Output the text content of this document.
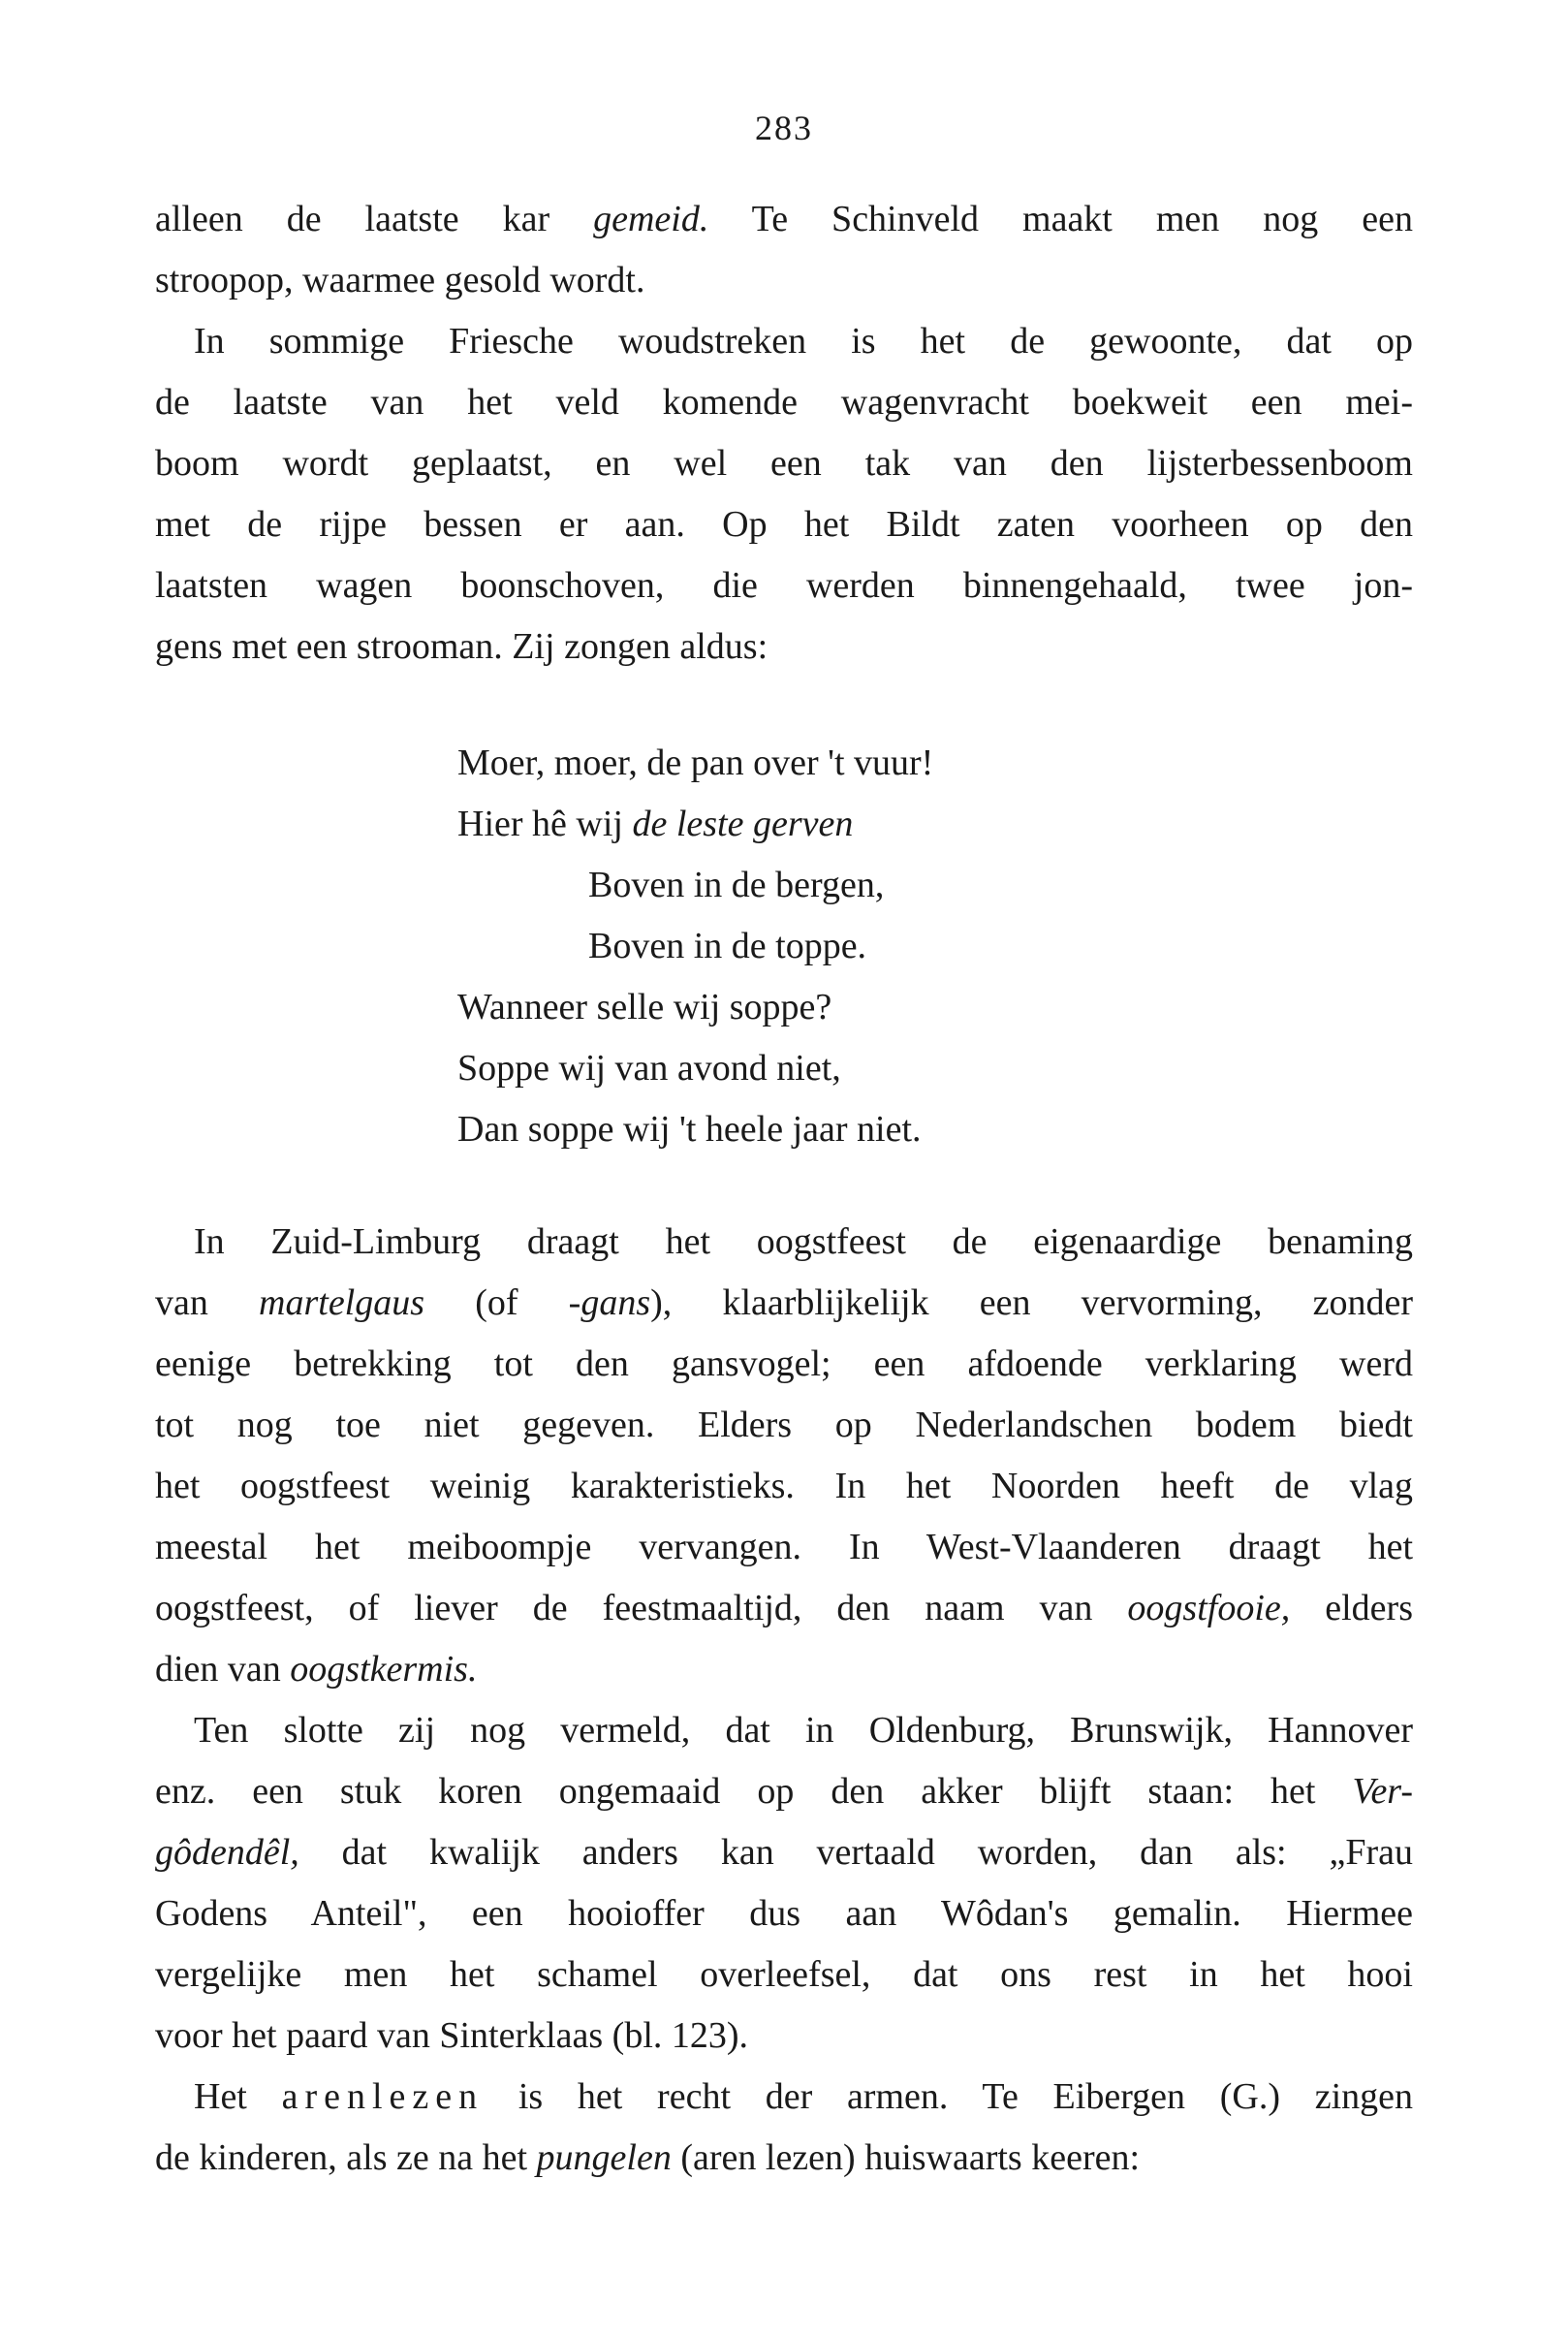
283
alleen de laatste kar gemeid. Te Schinveld maakt men nog een
stroopop, waarmee gesold wordt.
In sommige Friesche woudstreken is het de gewoonte, dat op
de laatste van het veld komende wagenvracht boekweit een mei-
boom wordt geplaatst, en wel een tak van den lijsterbessenboom
met de rijpe bessen er aan. Op het Bildt zaten voorheen op den
laatsten wagen boonschoven, die werden binnengehaald, twee jon-
gens met een strooman. Zij zongen aldus:
Moer, moer, de pan over 't vuur!
Hier hê wij de leste gerven
Boven in de bergen,
Boven in de toppe.
Wanneer selle wij soppe?
Soppe wij van avond niet,
Dan soppe wij 't heele jaar niet.
In Zuid-Limburg draagt het oogstfeest de eigenaardige benaming
van martelgaus (of -gans), klaarblijkelijk een vervorming, zonder
eenige betrekking tot den gansvogel; een afdoende verklaring werd
tot nog toe niet gegeven. Elders op Nederlandschen bodem biedt
het oogstfeest weinig karakteristieks. In het Noorden heeft de vlag
meestal het meiboompje vervangen. In West-Vlaanderen draagt het
oogstfeest, of liever de feestmaaltijd, den naam van oogstfooie, elders
dien van oogstkermis.
Ten slotte zij nog vermeld, dat in Oldenburg, Brunswijk, Hannover
enz. een stuk koren ongemaaid op den akker blijft staan: het Ver-
gôdendêl, dat kwalijk anders kan vertaald worden, dan als: „Frau
Godens Anteil", een hooioffer dus aan Wôdan's gemalin. Hiermee
vergelijke men het schamel overleefsel, dat ons rest in het hooi
voor het paard van Sinterklaas (bl. 123).
Het arenlezen is het recht der armen. Te Eibergen (G.) zingen
de kinderen, als ze na het pungelen (aren lezen) huiswaarts keeren:
